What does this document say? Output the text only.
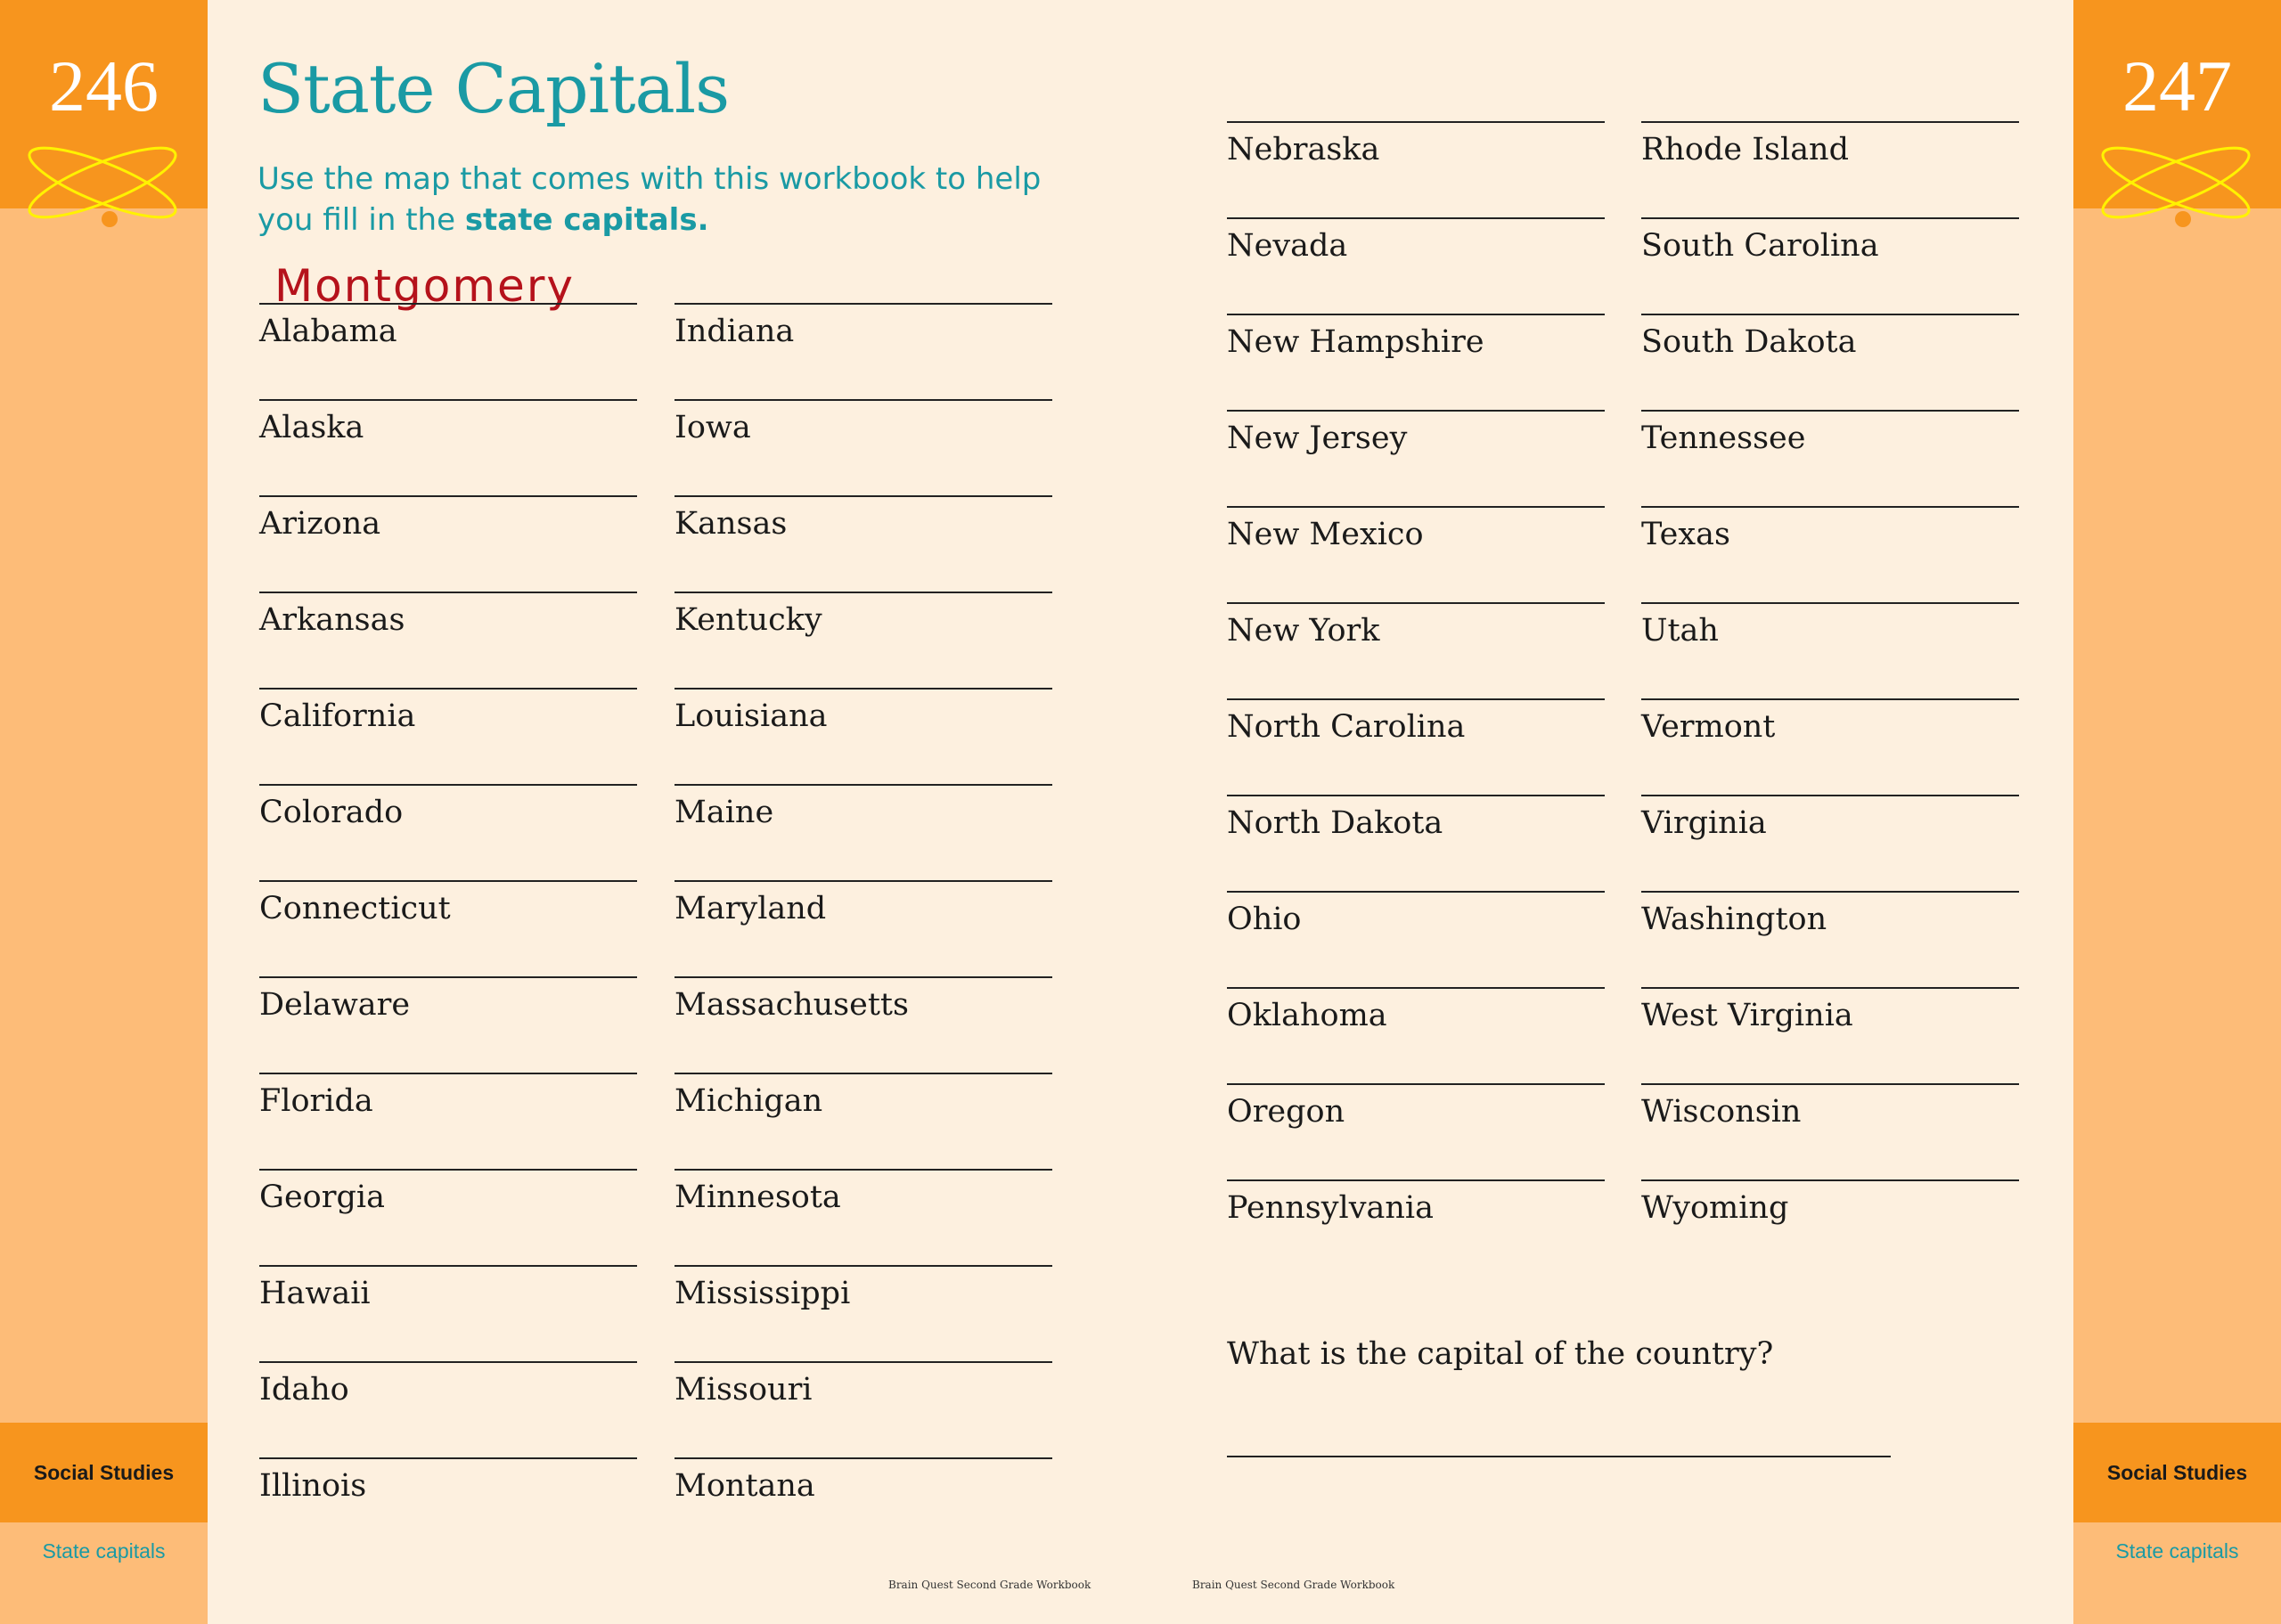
246
Social Studies
State capitals
247
Social Studies
State capitals
State Capitals
Use the map that comes with this workbook to help you fill in the state capitals.
Montgomery
Alabama
Alaska
Arizona
Arkansas
California
Colorado
Connecticut
Delaware
Florida
Georgia
Hawaii
Idaho
Illinois
Indiana
Iowa
Kansas
Kentucky
Louisiana
Maine
Maryland
Massachusetts
Michigan
Minnesota
Mississippi
Missouri
Montana
Nebraska
Nevada
New Hampshire
New Jersey
New Mexico
New York
North Carolina
North Dakota
Ohio
Oklahoma
Oregon
Pennsylvania
Rhode Island
South Carolina
South Dakota
Tennessee
Texas
Utah
Vermont
Virginia
Washington
West Virginia
Wisconsin
Wyoming
What is the capital of the country?
Brain Quest Second Grade Workbook	Brain Quest Second Grade Workbook
